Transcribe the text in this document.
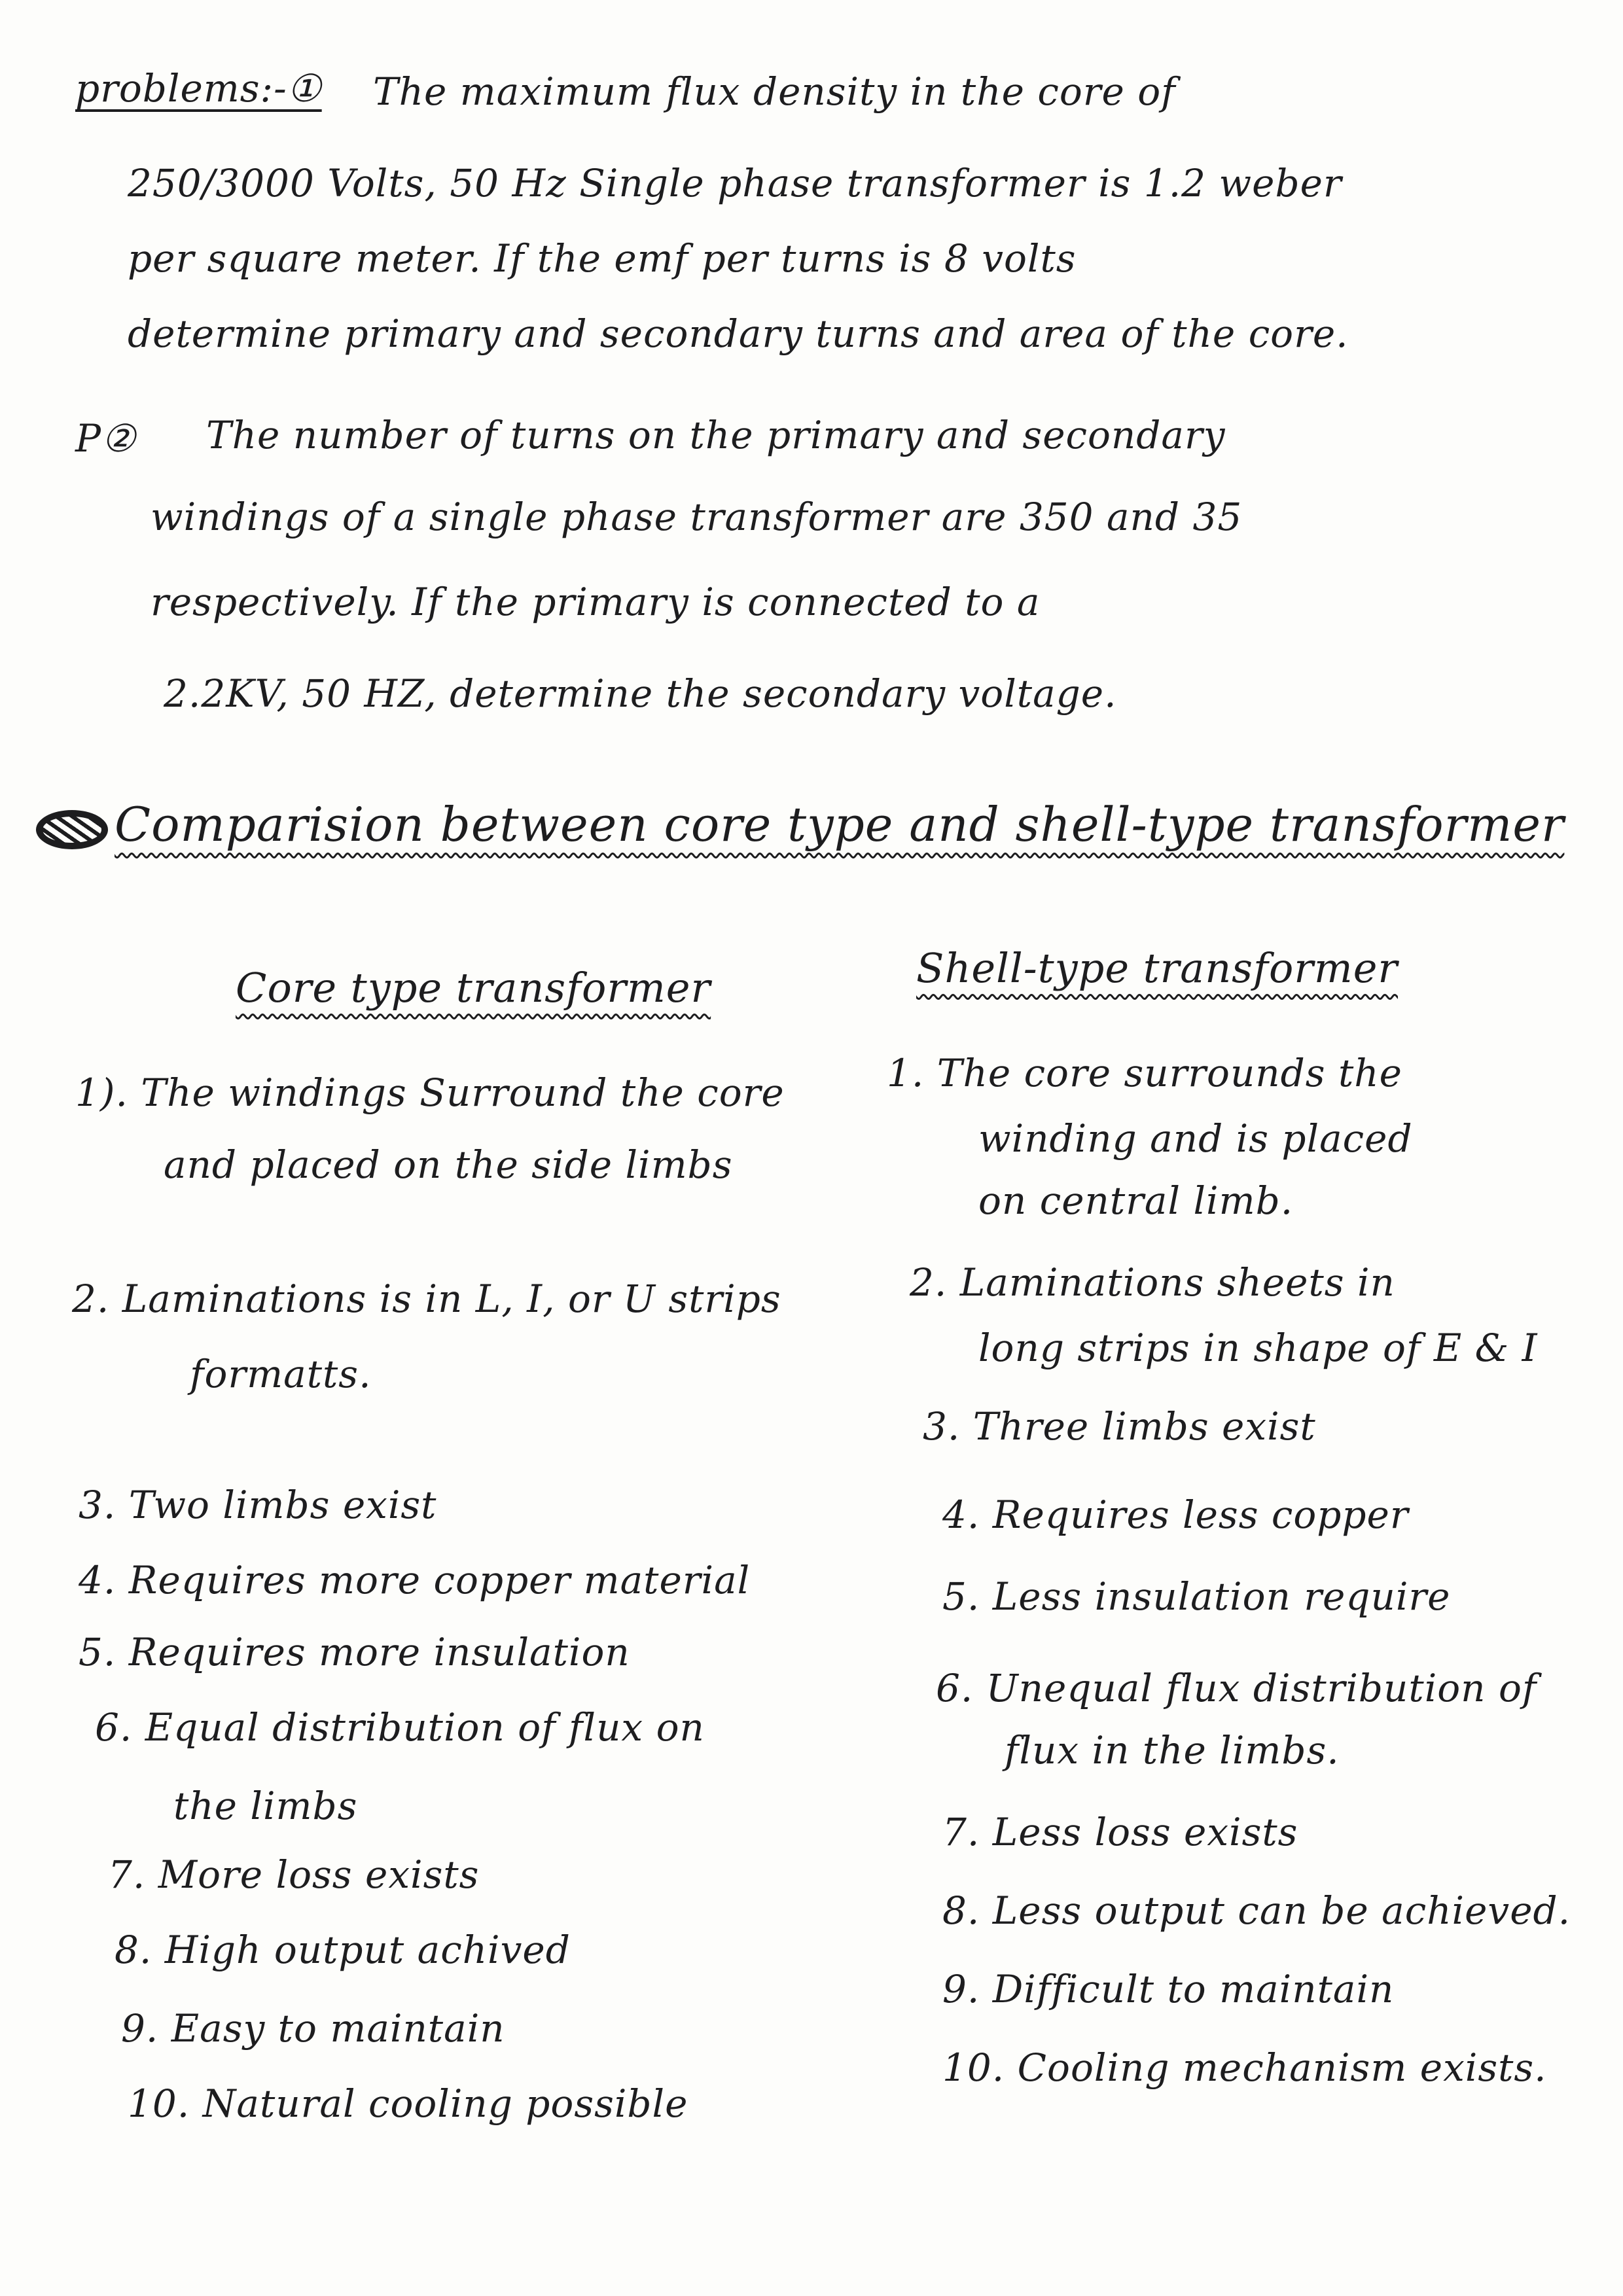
problems:-① The maximum flux density in the core of
250/3000 Volts, 50 Hz Single phase transformer is 1.2 weber
per square meter. If the emf per turns is 8 volts
determine primary and secondary turns and area of the core.
P② The number of turns on the primary and secondary
windings of a single phase transformer are 350 and 35
respectively. If the primary is connected to a
2.2KV, 50 HZ, determine the secondary voltage.
Comparision between core type and shell-type transformer
Core type transformer	Shell-type transformer
1). The windings Surround the core
and placed on the side limbs
2. Laminations is in L, I, or U strips
formatts.
3. Two limbs exist
4. Requires more copper material
5. Requires more insulation
6. Equal distribution of flux on
the limbs
7. More loss exists
8. High output achived
9. Easy to maintain
10. Natural cooling possible
1. The core surrounds the
winding and is placed
on central limb.
2. Laminations sheets in
long strips in shape of E & I
3. Three limbs exist
4. Requires less copper
5. Less insulation require
6. Unequal flux distribution of
flux in the limbs.
7. Less loss exists
8. Less output can be achieved.
9. Difficult to maintain
10. Cooling mechanism exists.
